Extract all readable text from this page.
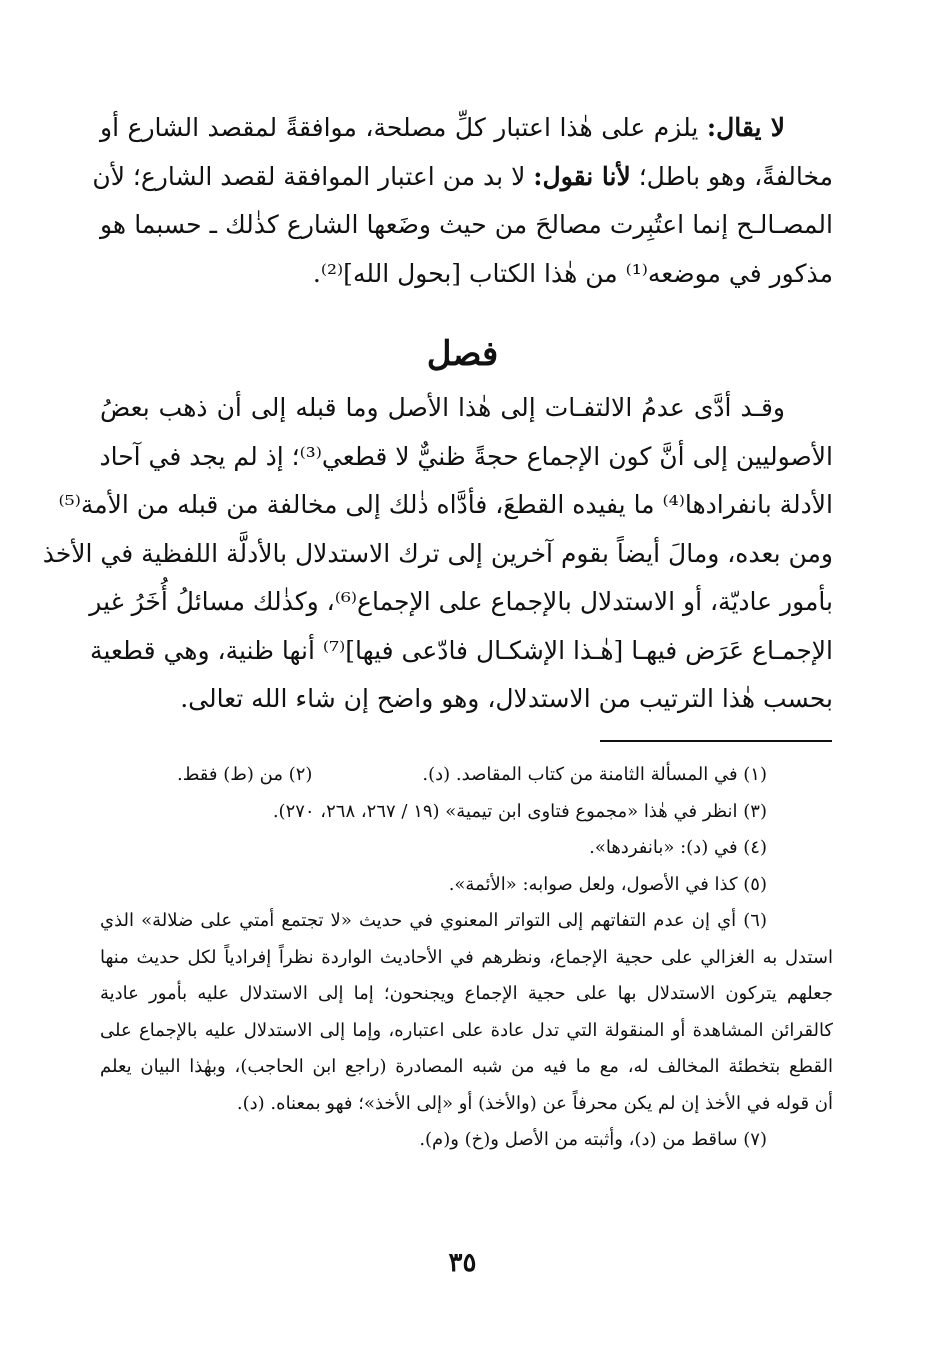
لا يقال: يلزم على هٰذا اعتبار كلِّ مصلحة، موافقةً لمقصد الشارع أو
مخالفةً، وهو باطل؛ لأنا نقول: لا بد من اعتبار الموافقة لقصد الشارع؛ لأن
المصـالـح إنما اعتُبِرت مصالحَ من حيث وضَعها الشارع كذٰلك ـ حسبما هو
مذكور في موضعه⁽¹⁾ من هٰذا الكتاب [بحول الله]⁽²⁾.
فصل
وقـد أدَّى عدمُ الالتفـات إلى هٰذا الأصل وما قبله إلى أن ذهب بعضُ
الأصوليين إلى أنَّ كون الإجماع حجةً ظنيٌّ لا قطعي⁽³⁾؛ إذ لم يجد في آحاد
الأدلة بانفرادها⁽⁴⁾ ما يفيده القطعَ، فأدَّاه ذٰلك إلى مخالفة من قبله من الأمة⁽⁵⁾
ومن بعده، ومالَ أيضاً بقوم آخرين إلى ترك الاستدلال بالأدلَّة اللفظية في الأخذ
بأمور عاديّة، أو الاستدلال بالإجماع على الإجماع⁽⁶⁾، وكذٰلك مسائلُ أُخَرُ غير
الإجمـاع عَرَض فيهـا [هٰـذا الإشكـال فادّعى فيها]⁽⁷⁾ أنها ظنية، وهي قطعية
بحسب هٰذا الترتيب من الاستدلال، وهو واضح إن شاء الله تعالى.
(١) في المسألة الثامنة من كتاب المقاصد. (د).
(٢) من (ط) فقط.
(٣) انظر في هٰذا «مجموع فتاوى ابن تيمية» (١٩ / ٢٦٧، ٢٦٨، ٢٧٠).
(٤) في (د): «بانفردها».
(٥) كذا في الأصول، ولعل صوابه: «الأئمة».
(٦) أي إن عدم التفاتهم إلى التواتر المعنوي في حديث «لا تجتمع أمتي على ضلالة» الذي
استدل به الغزالي على حجية الإجماع، ونظرهم في الأحاديث الواردة نظراً إفرادياً لكل حديث منها
جعلهم يتركون الاستدلال بها على حجية الإجماع ويجنحون؛ إما إلى الاستدلال عليه بأمور عادية
كالقرائن المشاهدة أو المنقولة التي تدل عادة على اعتباره، وإما إلى الاستدلال عليه بالإجماع على
القطع بتخطئة المخالف له، مع ما فيه من شبه المصادرة (راجع ابن الحاجب)، وبهٰذا البيان يعلم
أن قوله في الأخذ إن لم يكن محرفاً عن (والأخذ) أو «إلى الأخذ»؛ فهو بمعناه. (د).
(٧) ساقط من (د)، وأثبته من الأصل و(خ) و(م).
٣٥
